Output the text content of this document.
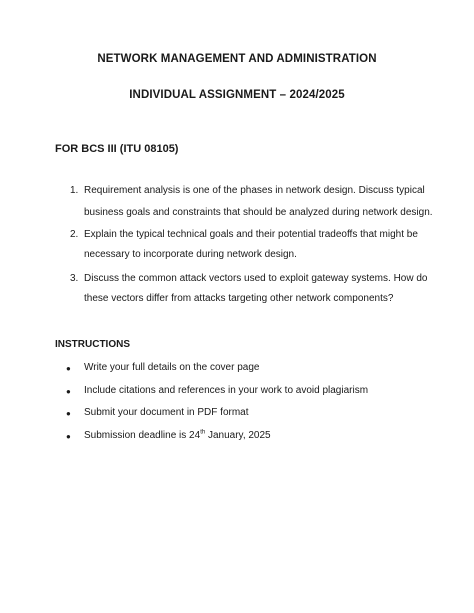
NETWORK MANAGEMENT AND ADMINISTRATION
INDIVIDUAL ASSIGNMENT – 2024/2025
FOR BCS III (ITU 08105)
1. Requirement analysis is one of the phases in network design. Discuss typical
business goals and constraints that should be analyzed during network design.
2. Explain the typical technical goals and their potential tradeoffs that might be
necessary to incorporate during network design.
3. Discuss the common attack vectors used to exploit gateway systems. How do
these vectors differ from attacks targeting other network components?
INSTRUCTIONS
● Write your full details on the cover page
● Include citations and references in your work to avoid plagiarism
● Submit your document in PDF format
● Submission deadline is 24th January, 2025
